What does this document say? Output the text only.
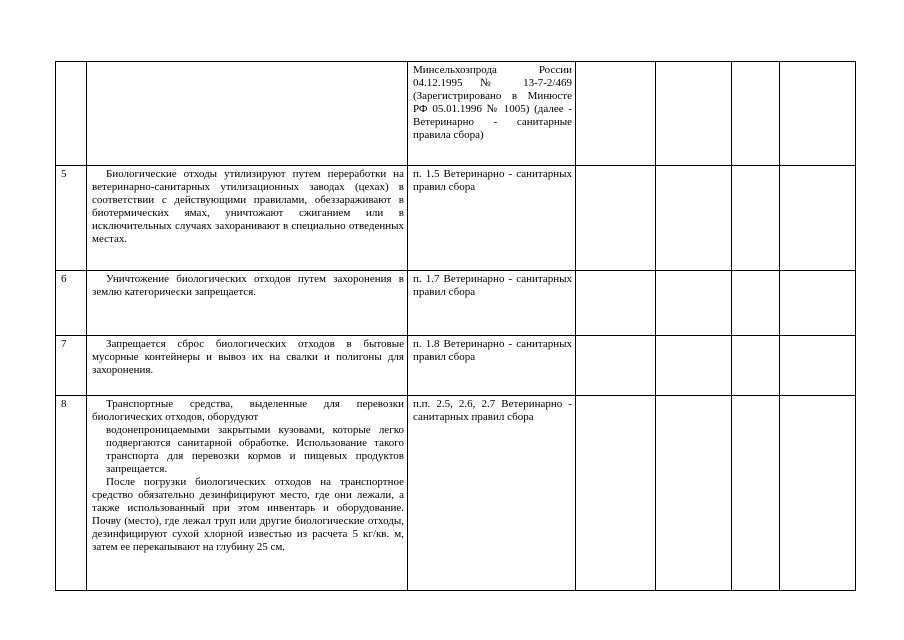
		Минсельхозпрода России 04.12.1995 № 13-7-2/469 (Зарегистрировано в Минюсте РФ 05.01.1996 № 1005) (далее - Ветеринарно - санитарные правила сбора)				

5	Биологические отходы утилизируют путем переработки на ветеринарно-санитарных утилизационных заводах (цехах) в соответствии с действующими правилами, обеззараживают в биотермических ямах, уничтожают сжиганием или в исключительных случаях захоранивают в специально отведенных местах.	п. 1.5 Ветеринарно - санитарных правил сбора				

6	Уничтожение биологических отходов путем захоронения в землю категорически запрещается.	п. 1.7 Ветеринарно - санитарных правил сбора				

7	Запрещается сброс биологических отходов в бытовые мусорные контейнеры и вывоз их на свалки и полигоны для захоронения.	п. 1.8 Ветеринарно - санитарных правил сбора				

8	Транспортные средства, выделенные для перевозки биологических отходов, оборудуют

водонепроницаемыми закрытыми кузовами, которые легко подвергаются санитарной обработке. Использование такого транспорта для перевозки кормов и пищевых продуктов запрещается.

После погрузки биологических отходов на транспортное средство обязательно дезинфицируют место, где они лежали, а также использованный при этом инвентарь и оборудование. Почву (место), где лежал труп или другие биологические отходы, дезинфицируют сухой хлорной известью из расчета 5 кг/кв. м, затем ее перекапывают на глубину 25 см.	п.п. 2.5, 2.6, 2.7 Ветеринарно - санитарных правил сбора				
